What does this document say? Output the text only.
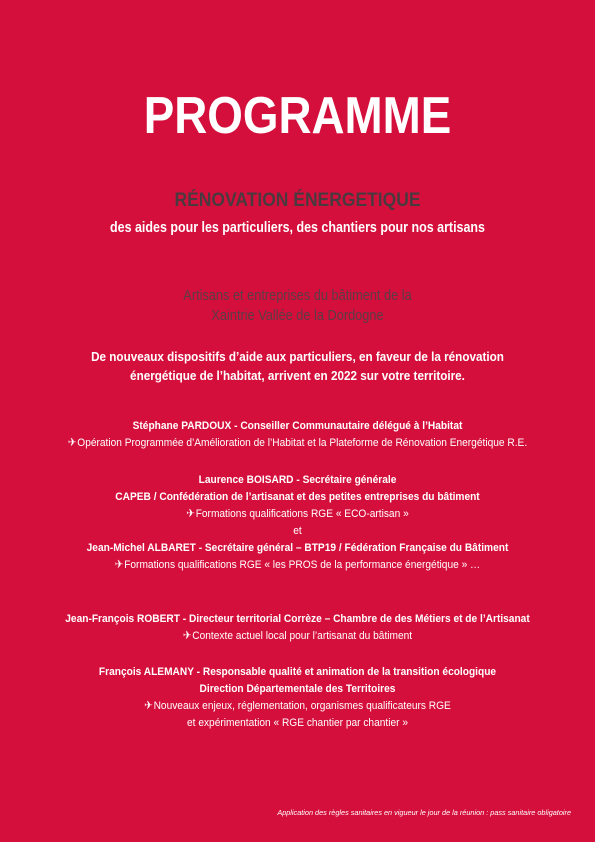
PROGRAMME
RÉNOVATION ÉNERGETIQUE
des aides pour les particuliers, des chantiers pour nos artisans
Artisans et entreprises du bâtiment de la
Xaintrie Vallée de la Dordogne
De nouveaux dispositifs d’aide aux particuliers, en faveur de la rénovation
énergétique de l’habitat, arrivent en 2022 sur votre territoire.
Stéphane PARDOUX - Conseiller Communautaire délégué à l’Habitat
✈Opération Programmée d’Amélioration de l’Habitat et la Plateforme de Rénovation Energétique R.E.
Laurence BOISARD - Secrétaire générale
CAPEB / Confédération de l’artisanat et des petites entreprises du bâtiment
✈Formations qualifications RGE « ECO-artisan »
et
Jean-Michel ALBARET - Secrétaire général – BTP19 / Fédération Française du Bâtiment
✈Formations qualifications RGE « les PROS de la performance énergétique » …
Jean-François ROBERT - Directeur territorial Corrèze – Chambre de des Métiers et de l’Artisanat
✈Contexte actuel local pour l’artisanat du bâtiment
François ALEMANY - Responsable qualité et animation de la transition écologique
Direction Départementale des Territoires
✈Nouveaux enjeux, réglementation, organismes qualificateurs RGE
et expérimentation « RGE chantier par chantier »
Application des règles sanitaires en vigueur le jour de la réunion : pass sanitaire obligatoire
